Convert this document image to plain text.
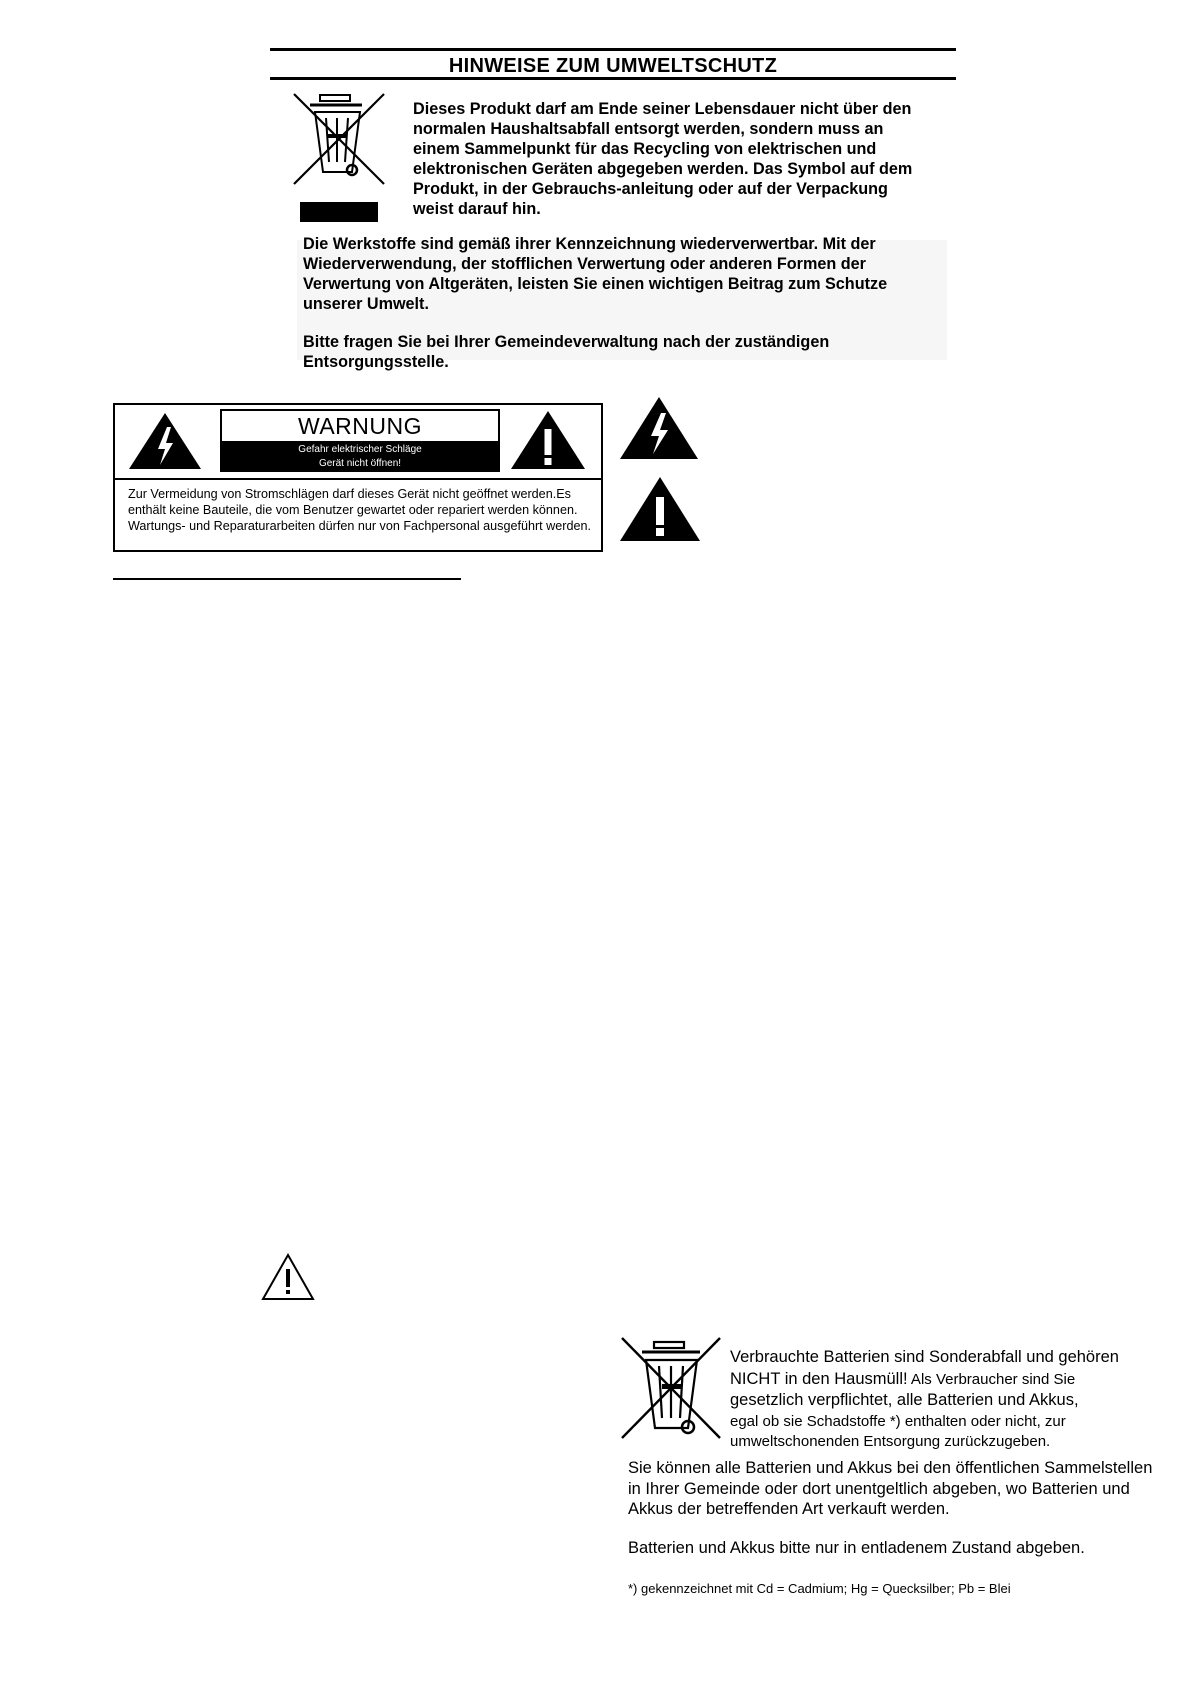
HINWEISE ZUM UMWELTSCHUTZ
Dieses Produkt darf am Ende seiner Lebensdauer nicht über den normalen Haushaltsabfall entsorgt werden, sondern muss an einem Sammelpunkt für das Recycling von elektrischen und elektronischen Geräten abgegeben werden. Das Symbol auf dem Produkt, in der Gebrauchs-anleitung oder auf der Verpackung weist darauf hin.
Die Werkstoffe sind gemäß ihrer Kennzeichnung wiederverwertbar. Mit der Wiederverwendung, der stofflichen Verwertung oder anderen Formen der Verwertung von Altgeräten, leisten Sie einen wichtigen Beitrag zum Schutze unserer Umwelt.
Bitte fragen Sie bei Ihrer Gemeindeverwaltung nach der zuständigen Entsorgungsstelle.
WARNUNG
Gefahr elektrischer Schläge
Gerät nicht öffnen!
Zur Vermeidung von Stromschlägen darf dieses Gerät nicht geöffnet werden.Es enthält keine Bauteile, die vom Benutzer gewartet oder repariert werden können. Wartungs- und Reparaturarbeiten dürfen nur von Fachpersonal ausgeführt werden.
Verbrauchte Batterien sind Sonderabfall und gehören
NICHT in den Hausmüll! Als Verbraucher sind Sie
gesetzlich verpflichtet, alle Batterien und Akkus,
egal ob sie Schadstoffe *) enthalten oder nicht, zur umweltschonenden Entsorgung zurückzugeben.
Sie können alle Batterien und Akkus bei den öffentlichen Sammelstellen in Ihrer Gemeinde oder dort unentgeltlich abgeben, wo Batterien und Akkus der betreffenden Art verkauft werden.
Batterien und Akkus bitte nur in entladenem Zustand abgeben.
*) gekennzeichnet mit Cd = Cadmium; Hg = Quecksilber; Pb = Blei
